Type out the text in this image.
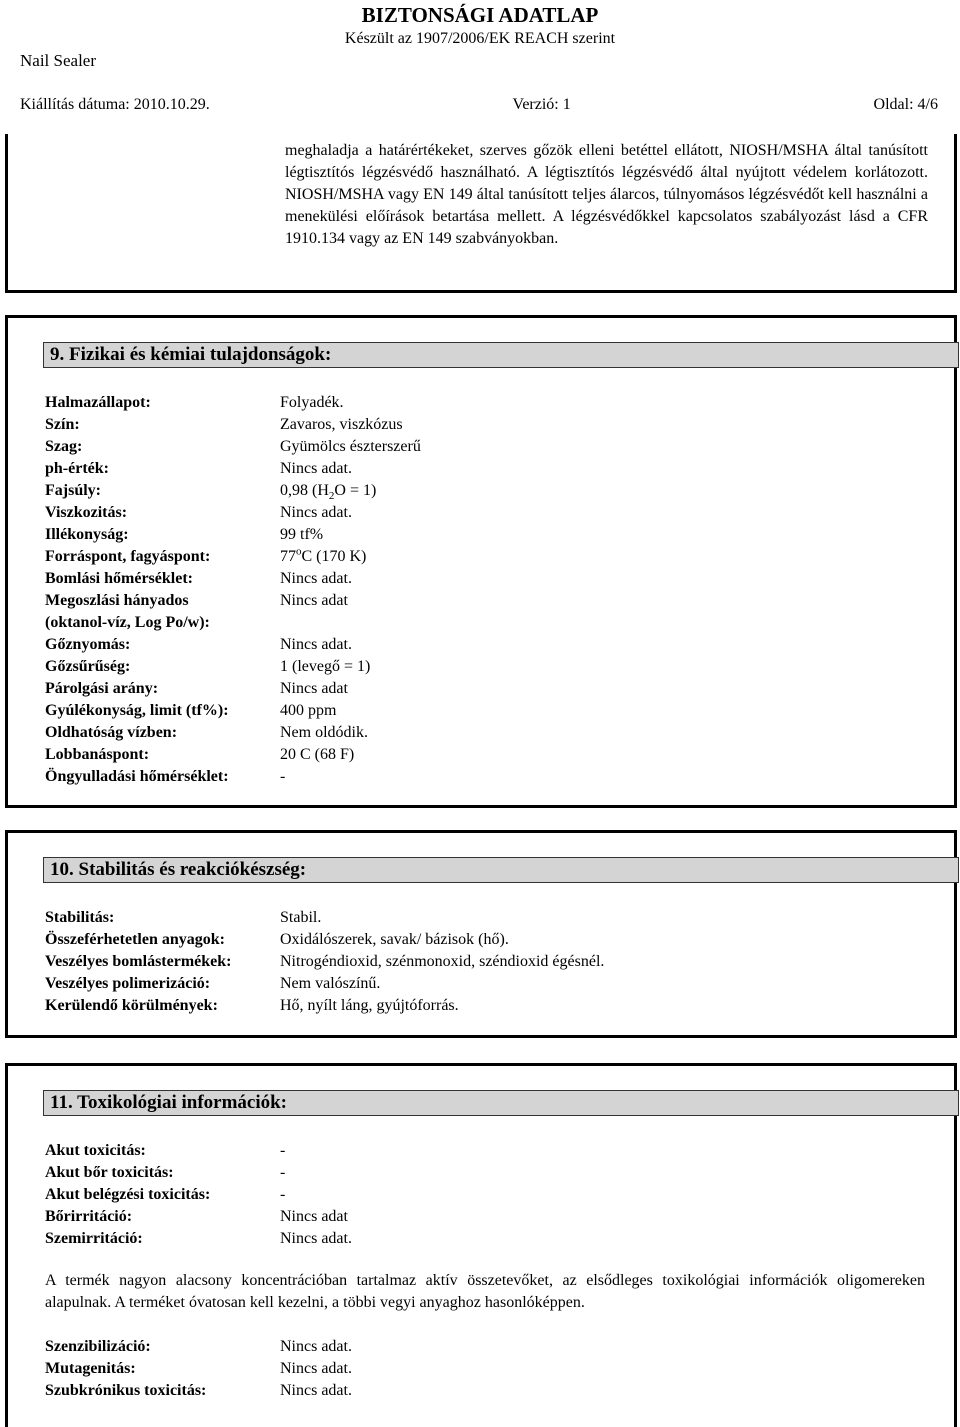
BIZTONSÁGI ADATLAP
Készült az 1907/2006/EK REACH szerint
Nail Sealer
Kiállítás dátuma: 2010.10.29.	Verzió: 1	Oldal: 4/6
meghaladja a határértékeket, szerves gőzök elleni betéttel ellátott, NIOSH/MSHA által tanúsított légtisztítós légzésvédő használható. A légtisztítós légzésvédő által nyújtott védelem korlátozott. NIOSH/MSHA vagy EN 149 által tanúsított teljes álarcos, túlnyomásos légzésvédőt kell használni a menekülési előírások betartása mellett. A légzésvédőkkel kapcsolatos szabályozást lásd a CFR 1910.134 vagy az EN 149 szabványokban.
9. Fizikai és kémiai tulajdonságok:
Halmazállapot:	Folyadék.
Szín:	Zavaros, viszkózus
Szag:	Gyümölcs észterszerű
ph-érték:	Nincs adat.
Fajsúly:	0,98 $(H_2O = 1)$
Viszkozitás:	Nincs adat.
Illékonyság:	99 tf%
Forráspont, fagyáspont:	77$^o$C (170 K)
Bomlási hőmérséklet:	Nincs adat.
Megoszlási hányados	Nincs adat
(oktanol-víz, Log Po/w):
Gőznyomás:	Nincs adat.
Gőzsűrűség:	1 (levegő = 1)
Párolgási arány:	Nincs adat
Gyúlékonyság, limit (tf%):	400 ppm
Oldhatóság vízben:	Nem oldódik.
Lobbanáspont:	20 C (68 F)
Öngyulladási hőmérséklet:	-
10. Stabilitás és reakciókészség:
Stabilitás:	Stabil.
Összeférhetetlen anyagok:	Oxidálószerek, savak/ bázisok (hő).
Veszélyes bomlástermékek:	Nitrogéndioxid, szénmonoxid, széndioxid égésnél.
Veszélyes polimerizáció:	Nem valószínű.
Kerülendő körülmények:	Hő, nyílt láng, gyújtóforrás.
11. Toxikológiai információk:
Akut toxicitás:	-
Akut bőr toxicitás:	-
Akut belégzési toxicitás:	-
Bőrirritáció:	Nincs adat
Szemirritáció:	Nincs adat.
A termék nagyon alacsony koncentrációban tartalmaz aktív összetevőket, az elsődleges toxikológiai információk oligomereken alapulnak. A terméket óvatosan kell kezelni, a többi vegyi anyaghoz hasonlóképpen.
Szenzibilizáció:	Nincs adat.
Mutagenitás:	Nincs adat.
Szubkrónikus toxicitás:	Nincs adat.
